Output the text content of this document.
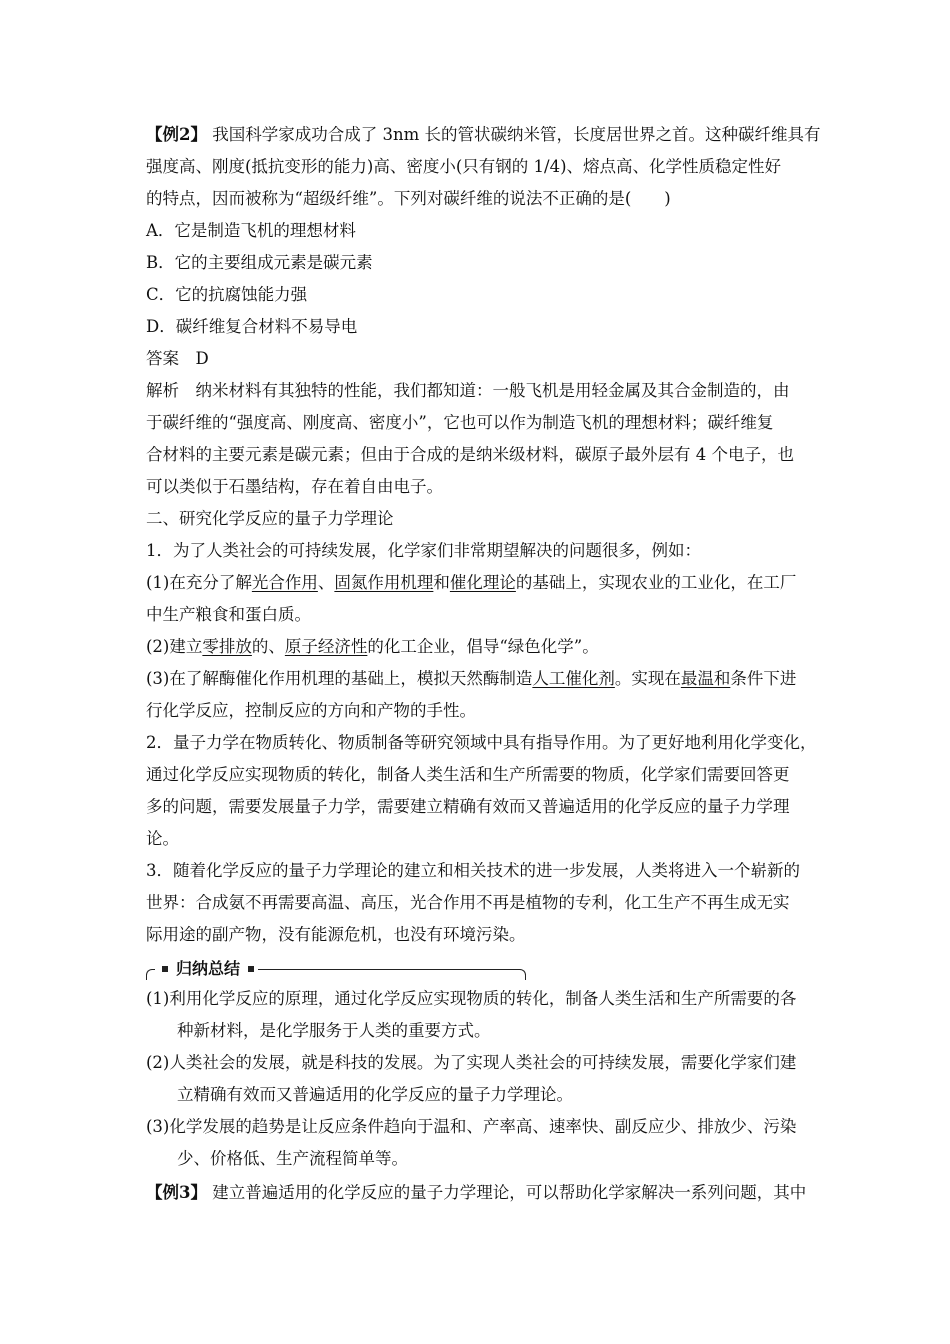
【例2】 我国科学家成功合成了 3nm 长的管状碳纳米管，长度居世界之首。这种碳纤维具有
强度高、刚度(抵抗变形的能力)高、密度小(只有钢的 1/4)、熔点高、化学性质稳定性好
的特点，因而被称为“超级纤维”。下列对碳纤维的说法不正确的是(　　)
A．它是制造飞机的理想材料
B．它的主要组成元素是碳元素
C．它的抗腐蚀能力强
D．碳纤维复合材料不易导电
答案　D
解析　纳米材料有其独特的性能，我们都知道：一般飞机是用轻金属及其合金制造的，由
于碳纤维的“强度高、刚度高、密度小”，它也可以作为制造飞机的理想材料；碳纤维复
合材料的主要元素是碳元素；但由于合成的是纳米级材料，碳原子最外层有 4 个电子，也
可以类似于石墨结构，存在着自由电子。
二、研究化学反应的量子力学理论
1．为了人类社会的可持续发展，化学家们非常期望解决的问题很多，例如：
(1)在充分了解光合作用、固氮作用机理和催化理论的基础上，实现农业的工业化，在工厂
中生产粮食和蛋白质。
(2)建立零排放的、原子经济性的化工企业，倡导“绿色化学”。
(3)在了解酶催化作用机理的基础上，模拟天然酶制造人工催化剂。实现在最温和条件下进
行化学反应，控制反应的方向和产物的手性。
2．量子力学在物质转化、物质制备等研究领域中具有指导作用。为了更好地利用化学变化，
通过化学反应实现物质的转化，制备人类生活和生产所需要的物质，化学家们需要回答更
多的问题，需要发展量子力学，需要建立精确有效而又普遍适用的化学反应的量子力学理
论。
3．随着化学反应的量子力学理论的建立和相关技术的进一步发展，人类将进入一个崭新的
世界：合成氨不再需要高温、高压，光合作用不再是植物的专利，化工生产不再生成无实
际用途的副产物，没有能源危机，也没有环境污染。
归纳总结
(1)利用化学反应的原理，通过化学反应实现物质的转化，制备人类生活和生产所需要的各
种新材料，是化学服务于人类的重要方式。
(2)人类社会的发展，就是科技的发展。为了实现人类社会的可持续发展，需要化学家们建
立精确有效而又普遍适用的化学反应的量子力学理论。
(3)化学发展的趋势是让反应条件趋向于温和、产率高、速率快、副反应少、排放少、污染
少、价格低、生产流程简单等。
【例3】 建立普遍适用的化学反应的量子力学理论，可以帮助化学家解决一系列问题，其中
